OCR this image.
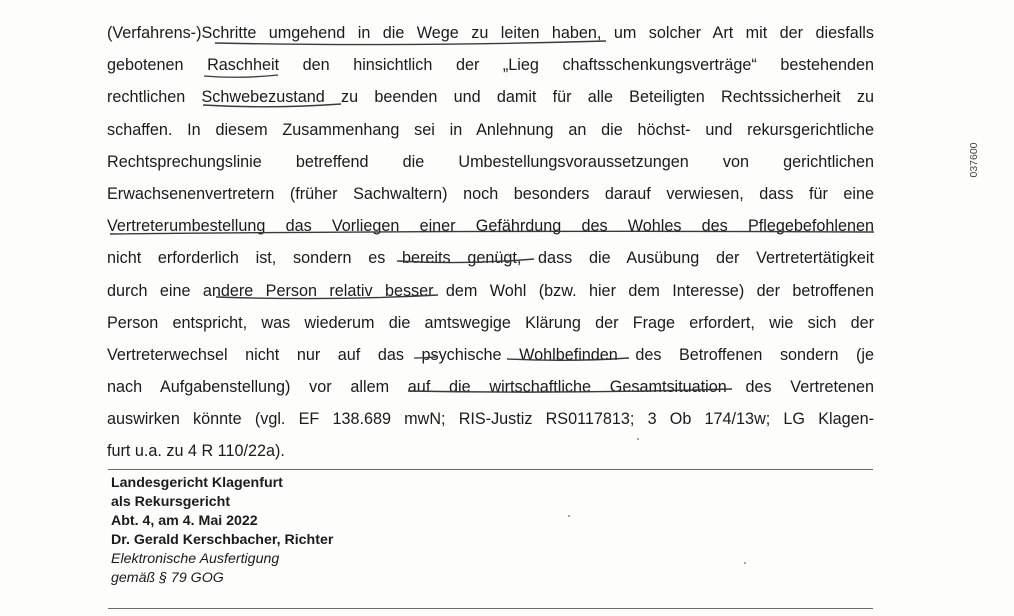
(Verfahrens-)Schritte umgehend in die Wege zu leiten haben, um solcher Art mit der diesfalls
gebotenen Raschheit den hinsichtlich der „Lieg chaftsschenkungsverträge“ bestehenden
rechtlichen Schwebezustand zu beenden und damit für alle Beteiligten Rechtssicherheit zu
schaffen. In diesem Zusammenhang sei in Anlehnung an die höchst- und rekursgerichtliche
Rechtsprechungslinie betreffend die Umbestellungsvoraussetzungen von gerichtlichen
Erwachsenenvertretern (früher Sachwaltern) noch besonders darauf verwiesen, dass für eine
Vertreterumbestellung das Vorliegen einer Gefährdung des Wohles des Pflegebefohlenen
nicht erforderlich ist, sondern es bereits genügt, dass die Ausübung der Vertretertätigkeit
durch eine andere Person relativ besser dem Wohl (bzw. hier dem Interesse) der betroffenen
Person entspricht, was wiederum die amtswegige Klärung der Frage erfordert, wie sich der
Vertreterwechsel nicht nur auf das psychische Wohlbefinden des Betroffenen sondern (je
nach Aufgabenstellung) vor allem auf die wirtschaftliche Gesamtsituation des Vertretenen
auswirken könnte (vgl. EF 138.689 mwN; RIS-Justiz RS0117813; 3 Ob 174/13w; LG Klagen-
furt u.a. zu 4 R 110/22a).
Landesgericht Klagenfurt
als Rekursgericht
Abt. 4, am 4. Mai 2022
Dr. Gerald Kerschbacher, Richter
Elektronische Ausfertigung
gemäß § 79 GOG
037600
